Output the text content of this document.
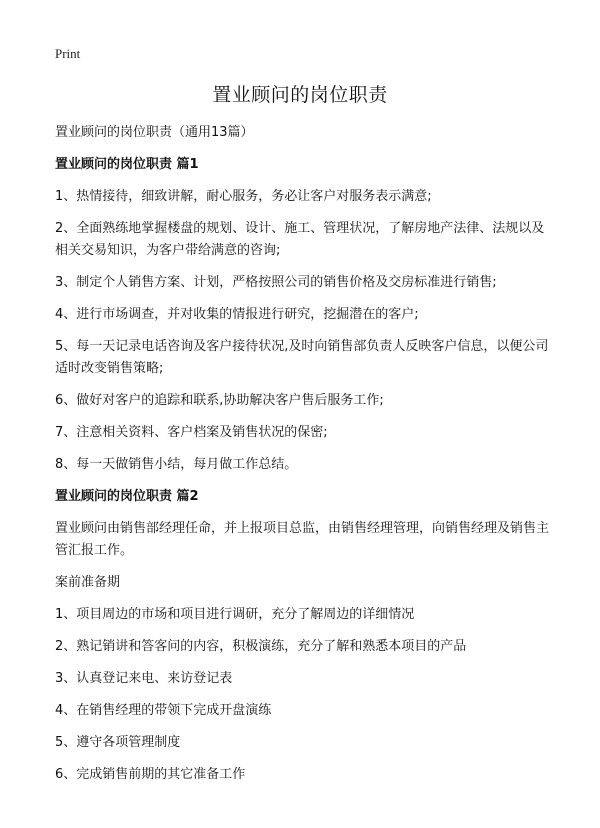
Print
置业顾问的岗位职责

置业顾问的岗位职责（通用13篇）

置业顾问的岗位职责 篇1

1、热情接待，细致讲解，耐心服务，务必让客户对服务表示满意;

2、全面熟练地掌握楼盘的规划、设计、施工、管理状况，了解房地产法律、法规以及相关交易知识，为客户带给满意的咨询;

3、制定个人销售方案、计划，严格按照公司的销售价格及交房标准进行销售;

4、进行市场调查，并对收集的情报进行研究，挖掘潜在的客户;

5、每一天记录电话咨询及客户接待状况,及时向销售部负责人反映客户信息，以便公司适时改变销售策略;

6、做好对客户的追踪和联系,协助解决客户售后服务工作;

7、注意相关资料、客户档案及销售状况的保密;

8、每一天做销售小结，每月做工作总结。

置业顾问的岗位职责 篇2

置业顾问由销售部经理任命，并上报项目总监，由销售经理管理，向销售经理及销售主管汇报工作。

案前准备期

1、项目周边的市场和项目进行调研，充分了解周边的详细情况

2、熟记销讲和答客问的内容，积极演练，充分了解和熟悉本项目的产品

3、认真登记来电、来访登记表

4、在销售经理的带领下完成开盘演练

5、遵守各项管理制度

6、完成销售前期的其它准备工作
